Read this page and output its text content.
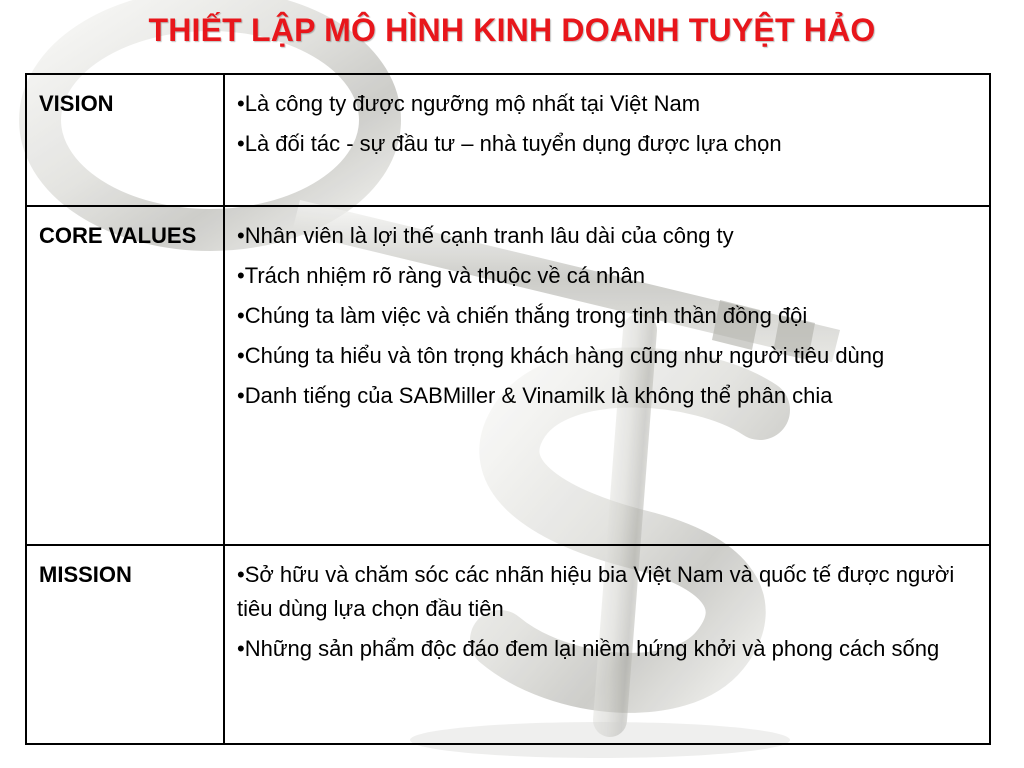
THIẾT LẬP MÔ HÌNH KINH DOANH TUYỆT HẢO
VISION	•Là công ty được ngưỡng mộ nhất tại Việt Nam
•Là đối tác - sự đầu tư – nhà tuyển dụng được lựa chọn

CORE VALUES	•Nhân viên là lợi thế cạnh tranh lâu dài của công ty
•Trách nhiệm rõ ràng và thuộc về cá nhân
•Chúng ta làm việc và chiến thắng trong tinh thần đồng đội
•Chúng ta hiểu và tôn trọng khách hàng cũng như người tiêu dùng
•Danh tiếng của SABMiller & Vinamilk là không thể phân chia

MISSION	•Sở hữu và chăm sóc các nhãn hiệu bia Việt Nam và quốc tế được người tiêu dùng lựa chọn đầu tiên
•Những sản phẩm độc đáo đem lại niềm hứng khởi và phong cách sống
